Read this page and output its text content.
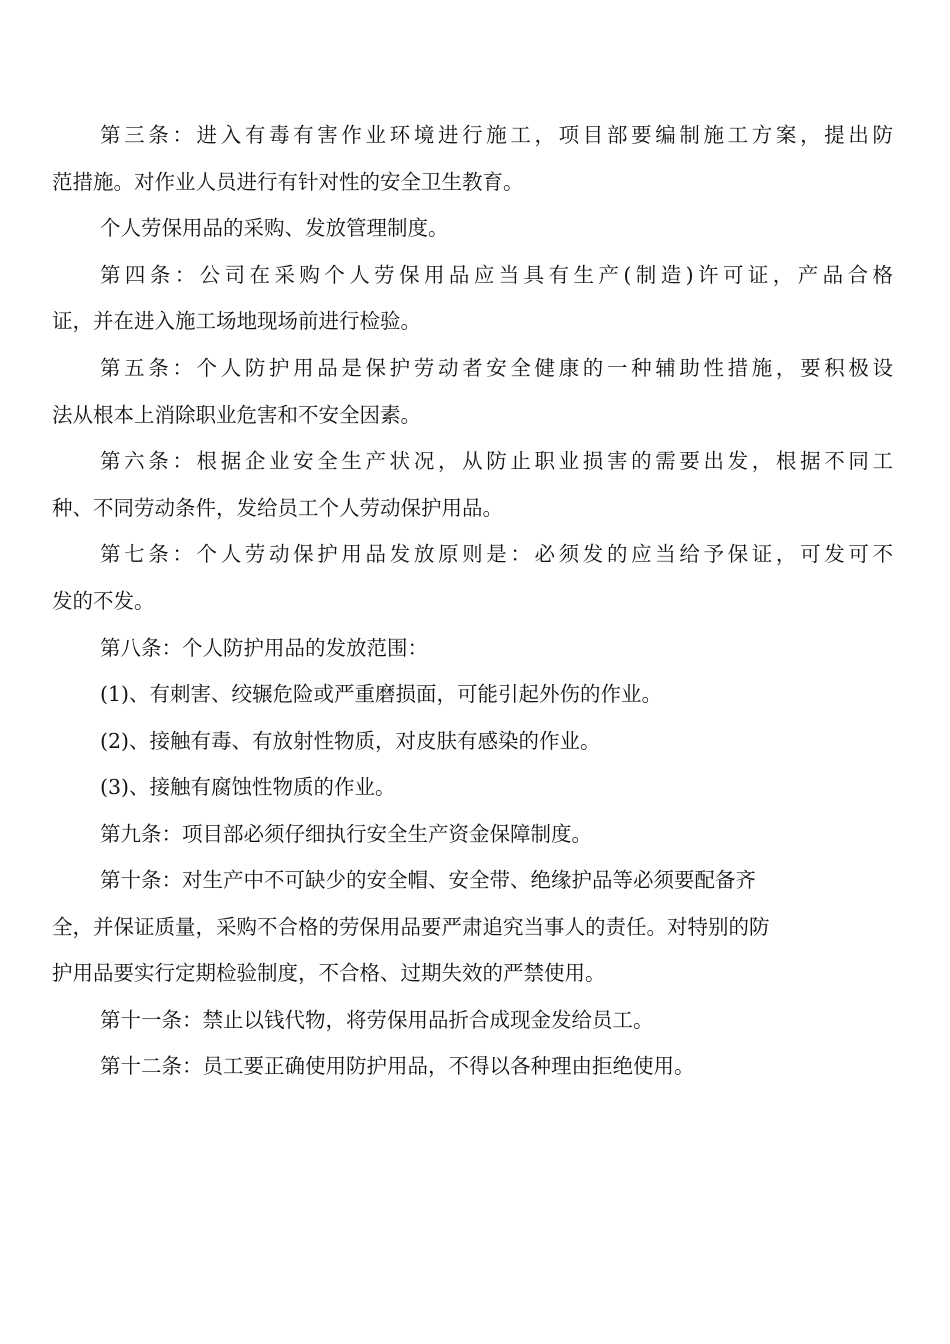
第三条：进入有毒有害作业环境进行施工，项目部要编制施工方案，提出防
范措施。对作业人员进行有针对性的安全卫生教育。
个人劳保用品的采购、发放管理制度。
第四条：公司在采购个人劳保用品应当具有生产(制造)许可证，产品合格
证，并在进入施工场地现场前进行检验。
第五条：个人防护用品是保护劳动者安全健康的一种辅助性措施，要积极设
法从根本上消除职业危害和不安全因素。
第六条：根据企业安全生产状况，从防止职业损害的需要出发，根据不同工
种、不同劳动条件，发给员工个人劳动保护用品。
第七条：个人劳动保护用品发放原则是：必须发的应当给予保证，可发可不
发的不发。
第八条：个人防护用品的发放范围：
(1)、有刺害、绞辗危险或严重磨损面，可能引起外伤的作业。
(2)、接触有毒、有放射性物质，对皮肤有感染的作业。
(3)、接触有腐蚀性物质的作业。
第九条：项目部必须仔细执行安全生产资金保障制度。
第十条：对生产中不可缺少的安全帽、安全带、绝缘护品等必须要配备齐
全，并保证质量，采购不合格的劳保用品要严肃追究当事人的责任。对特别的防
护用品要实行定期检验制度，不合格、过期失效的严禁使用。
第十一条：禁止以钱代物，将劳保用品折合成现金发给员工。
第十二条：员工要正确使用防护用品，不得以各种理由拒绝使用。
